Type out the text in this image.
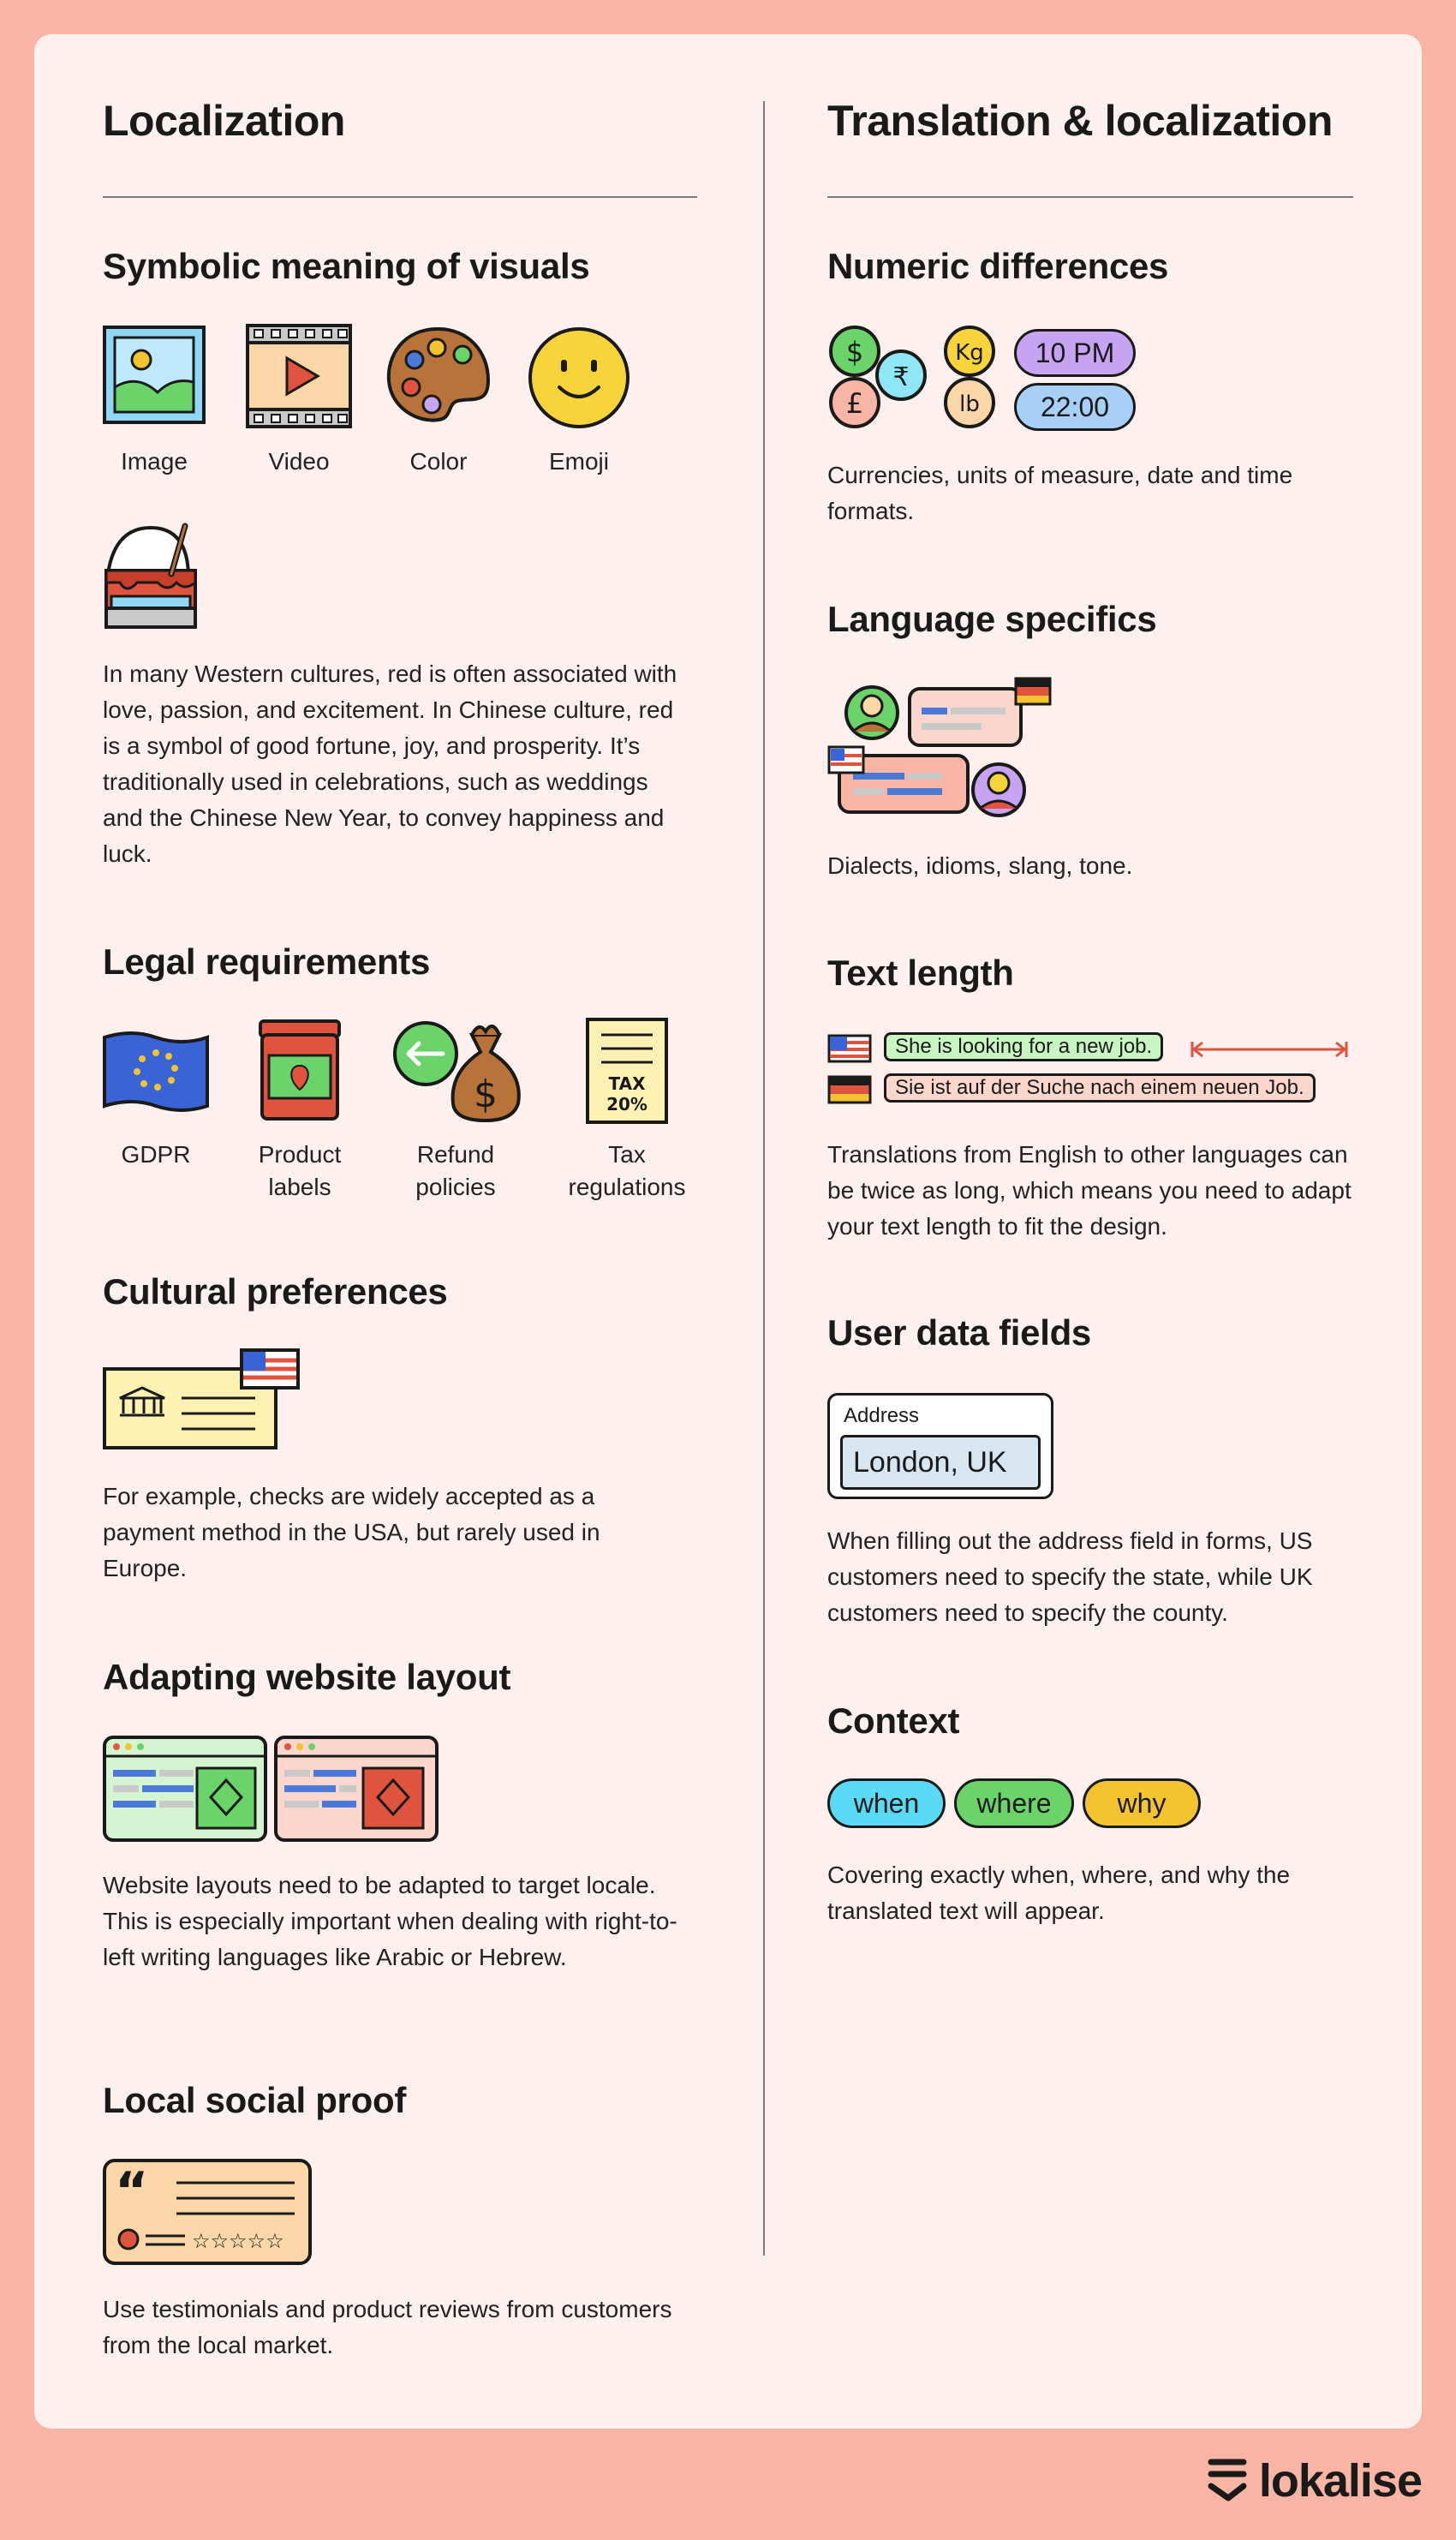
Localization
Symbolic meaning of visuals
Image	Video	Color	Emoji
In many Western cultures, red is often associated with love, passion, and excitement. In Chinese culture, red is a symbol of good fortune, joy, and prosperity. It’s traditionally used in celebrations, such as weddings and the Chinese New Year, to convey happiness and luck.
Legal requirements
GDPR	Product
labels
$
Refund
policies
TAX
20%
Tax
regulations
Cultural preferences
For example, checks are widely accepted as a payment method in the USA, but rarely used in Europe.
Adapting website layout
Website layouts need to be adapted to target locale. This is especially important when dealing with right-to-left writing languages like Arabic or Hebrew.
Local social proof
“
☆☆☆☆☆
Use testimonials and product reviews from customers from the local market.
Translation & localization
Numeric differences
$
₹
£
Kg
lb
10 PM
22:00
Currencies, units of measure, date and time formats.
Language specifics
Dialects, idioms, slang, tone.
Text length
She is looking for a new job.
Sie ist auf der Suche nach einem neuen Job.
Translations from English to other languages can be twice as long, which means you need to adapt your text length to fit the design.
User data fields
Address
London, UK
When filling out the address field in forms, US customers need to specify the state, while UK customers need to specify the county.
Context
when	where	why
Covering exactly when, where, and why the translated text will appear.
lokalise
